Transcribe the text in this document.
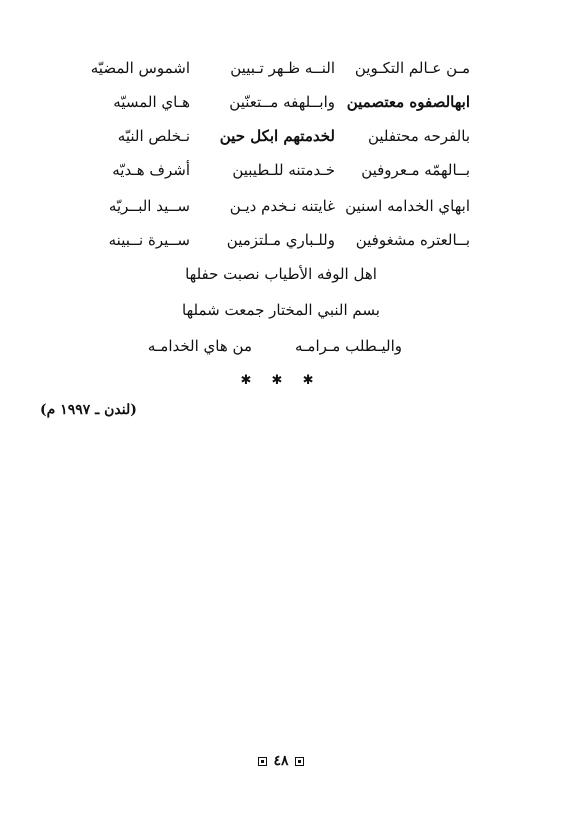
مـن عـالم التكـوين
النــه ظـهر تـبيين
اشموس المضيّه
ابهالصفوه معتصمين
وابــلهفه مــتعنّين
هـاي المسيّه
بالفرحه محتفلين
لخدمتهم ابكل حين
نـخلص النيّه
بــالهمّه مـعروفين
خـدمتنه للـطيبين
أشرف هـديّه
ابهاي الخدامه اسنين
غايتنه نـخدم ديـن
ســيد البــريّه
بــالعتره مشغوفين
وللـباري مـلتزمين
ســيرة نــبينه
اهل الوفه الأطياب نصبت حفلها
بسم النبي المختار جمعت شملها
واليـطلب مـرامـه
من هاي الخدامـه
✱ ✱ ✱
(لندن ـ ١٩٩٧ م)
٤٨
